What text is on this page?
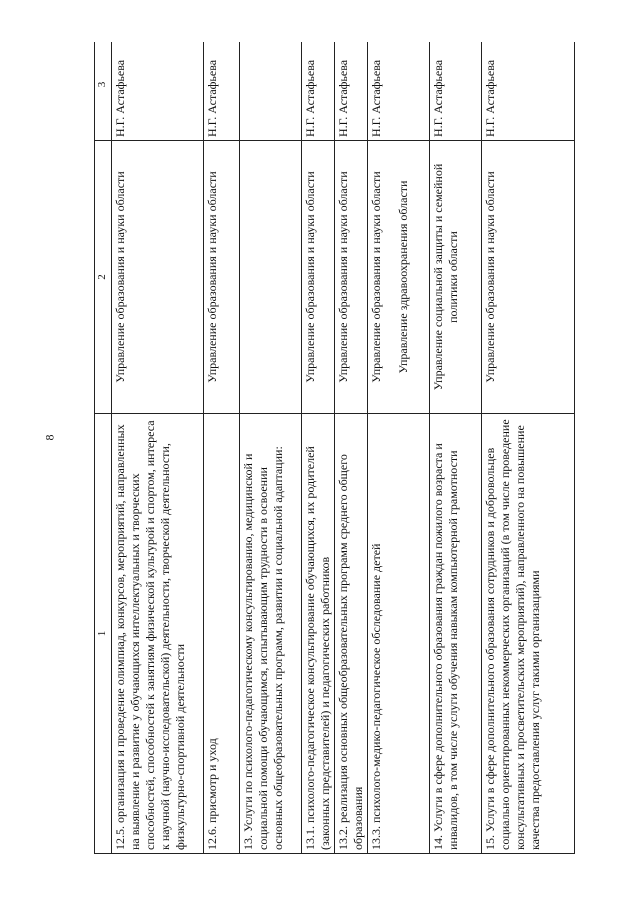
8
1	2	3
12.5. организация и проведение олимпиад, конкурсов, мероприятий, направленных на выявление и развитие у обучающихся интеллектуальных и творческих способностей, способностей к занятиям физической культурой и спортом, интереса к научной (научно-исследовательской) деятельности, творческой деятельности, физкультурно-спортивной деятельности	Управление образования и науки области	Н.Г. Астафьева
12.6. присмотр и уход	Управление образования и науки области	Н.Г. Астафьева
13. Услуги по психолого-педагогическому консультированию, медицинской и социальной помощи обучающимся, испытывающим трудности в освоении основных общеобразовательных программ, развитии и социальной адаптации:		
13.1. психолого-педагогическое консультирование обучающихся, их родителей (законных представителей) и педагогических работников	Управление образования и науки области	Н.Г. Астафьева
13.2. реализация основных общеобразовательных программ среднего общего образования	Управление образования и науки области	Н.Г. Астафьева
13.3. психолого-медико-педагогическое обследование детей	Управление образования и науки области Управление здравоохранения области	Н.Г. Астафьева
14. Услуги в сфере дополнительного образования граждан пожилого возраста и инвалидов, в том числе услуги обучения навыкам компьютерной грамотности	Управление социальной защиты и семейной политики области	Н.Г. Астафьева
15. Услуги в сфере дополнительного образования сотрудников и добровольцев социально ориентированных некоммерческих организаций (в том числе проведение консультативных и просветительских мероприятий), направленного на повышение качества предоставления услуг такими организациями	Управление образования и науки области	Н.Г. Астафьева
